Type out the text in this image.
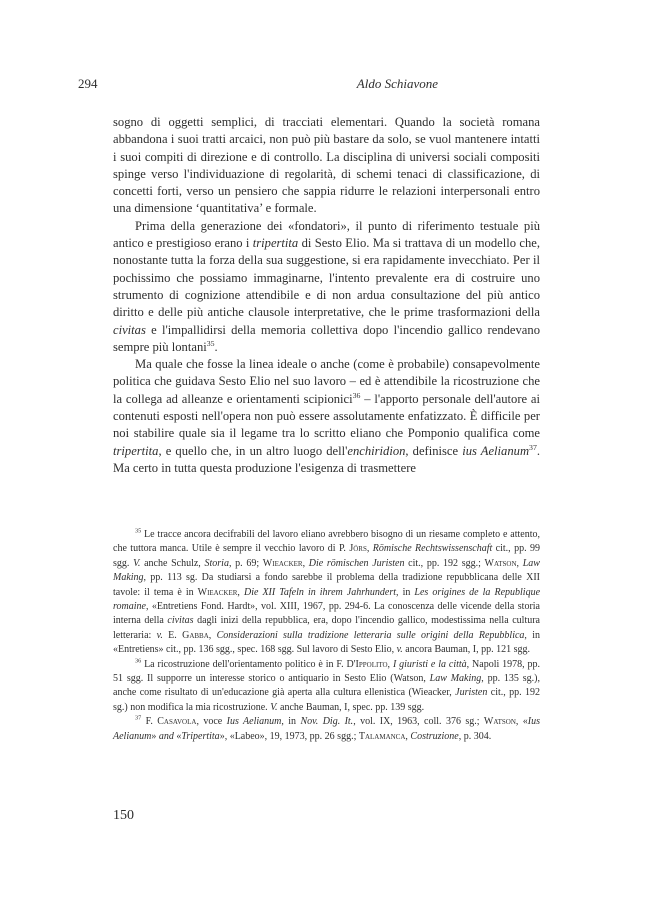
294	Aldo Schiavone

sogno di oggetti semplici, di tracciati elementari. Quando la società romana abbandona i suoi tratti arcaici, non può più bastare da solo, se vuol mantenere intatti i suoi compiti di direzione e di controllo. La disciplina di universi sociali compositi spinge verso l'individuazione di regolarità, di schemi tenaci di classificazione, di concetti forti, verso un pensiero che sappia ridurre le relazioni interpersonali entro una dimensione ‘quantitativa’ e formale.

Prima della generazione dei «fondatori», il punto di riferimento testuale più antico e prestigioso erano i tripertita di Sesto Elio. Ma si trattava di un modello che, nonostante tutta la forza della sua suggestione, si era rapidamente invecchiato. Per il pochissimo che possiamo immaginarne, l'intento prevalente era di costruire uno strumento di cognizione attendibile e di non ardua consultazione del più antico diritto e delle più antiche clausole interpretative, che le prime trasformazioni della civitas e l'impallidirsi della memoria collettiva dopo l'incendio gallico rendevano sempre più lontani$^{35}$.

Ma quale che fosse la linea ideale o anche (come è probabile) consapevolmente politica che guidava Sesto Elio nel suo lavoro – ed è attendibile la ricostruzione che la collega ad alleanze e orientamenti scipionici$^{36}$ – l'apporto personale dell'autore ai contenuti esposti nell'opera non può essere assolutamente enfatizzato. È difficile per noi stabilire quale sia il legame tra lo scritto eliano che Pomponio qualifica come tripertita, e quello che, in un altro luogo dell'enchiridion, definisce ius Aelianum$^{37}$. Ma certo in tutta questa produzione l'esigenza di trasmettere

$^{35}$ Le tracce ancora decifrabili del lavoro eliano avrebbero bisogno di un riesame completo e attento, che tuttora manca. Utile è sempre il vecchio lavoro di P. Jörs, Römische Rechtswissenschaft cit., pp. 99 sgg. V. anche Schulz, Storia, p. 69; Wieacker, Die römischen Juristen cit., pp. 192 sgg.; Watson, Law Making, pp. 113 sg. Da studiarsi a fondo sarebbe il problema della tradizione repubblicana delle XII tavole: il tema è in Wieacker, Die XII Tafeln in ihrem Jahrhundert, in Les origines de la Republique romaine, «Entretiens Fond. Hardt», vol. XIII, 1967, pp. 294-6. La conoscenza delle vicende della storia interna della civitas dagli inizi della repubblica, era, dopo l'incendio gallico, modestissima nella cultura letteraria: v. E. Gabba, Considerazioni sulla tradizione letteraria sulle origini della Repubblica, in «Entretiens» cit., pp. 136 sgg., spec. 168 sgg. Sul lavoro di Sesto Elio, v. ancora Bauman, I, pp. 121 sgg.

$^{36}$ La ricostruzione dell'orientamento politico è in F. D'Ippolito, I giuristi e la città, Napoli 1978, pp. 51 sgg. Il supporre un interesse storico o antiquario in Sesto Elio (Watson, Law Making, pp. 135 sg.), anche come risultato di un'educazione già aperta alla cultura ellenistica (Wieacker, Juristen cit., pp. 192 sg.) non modifica la mia ricostruzione. V. anche Bauman, I, spec. pp. 139 sgg.

$^{37}$ F. Casavola, voce Ius Aelianum, in Nov. Dig. It., vol. IX, 1963, coll. 376 sg.; Watson, «Ius Aelianum» and «Tripertita», «Labeo», 19, 1973, pp. 26 sgg.; Talamanca, Costruzione, p. 304.

150
